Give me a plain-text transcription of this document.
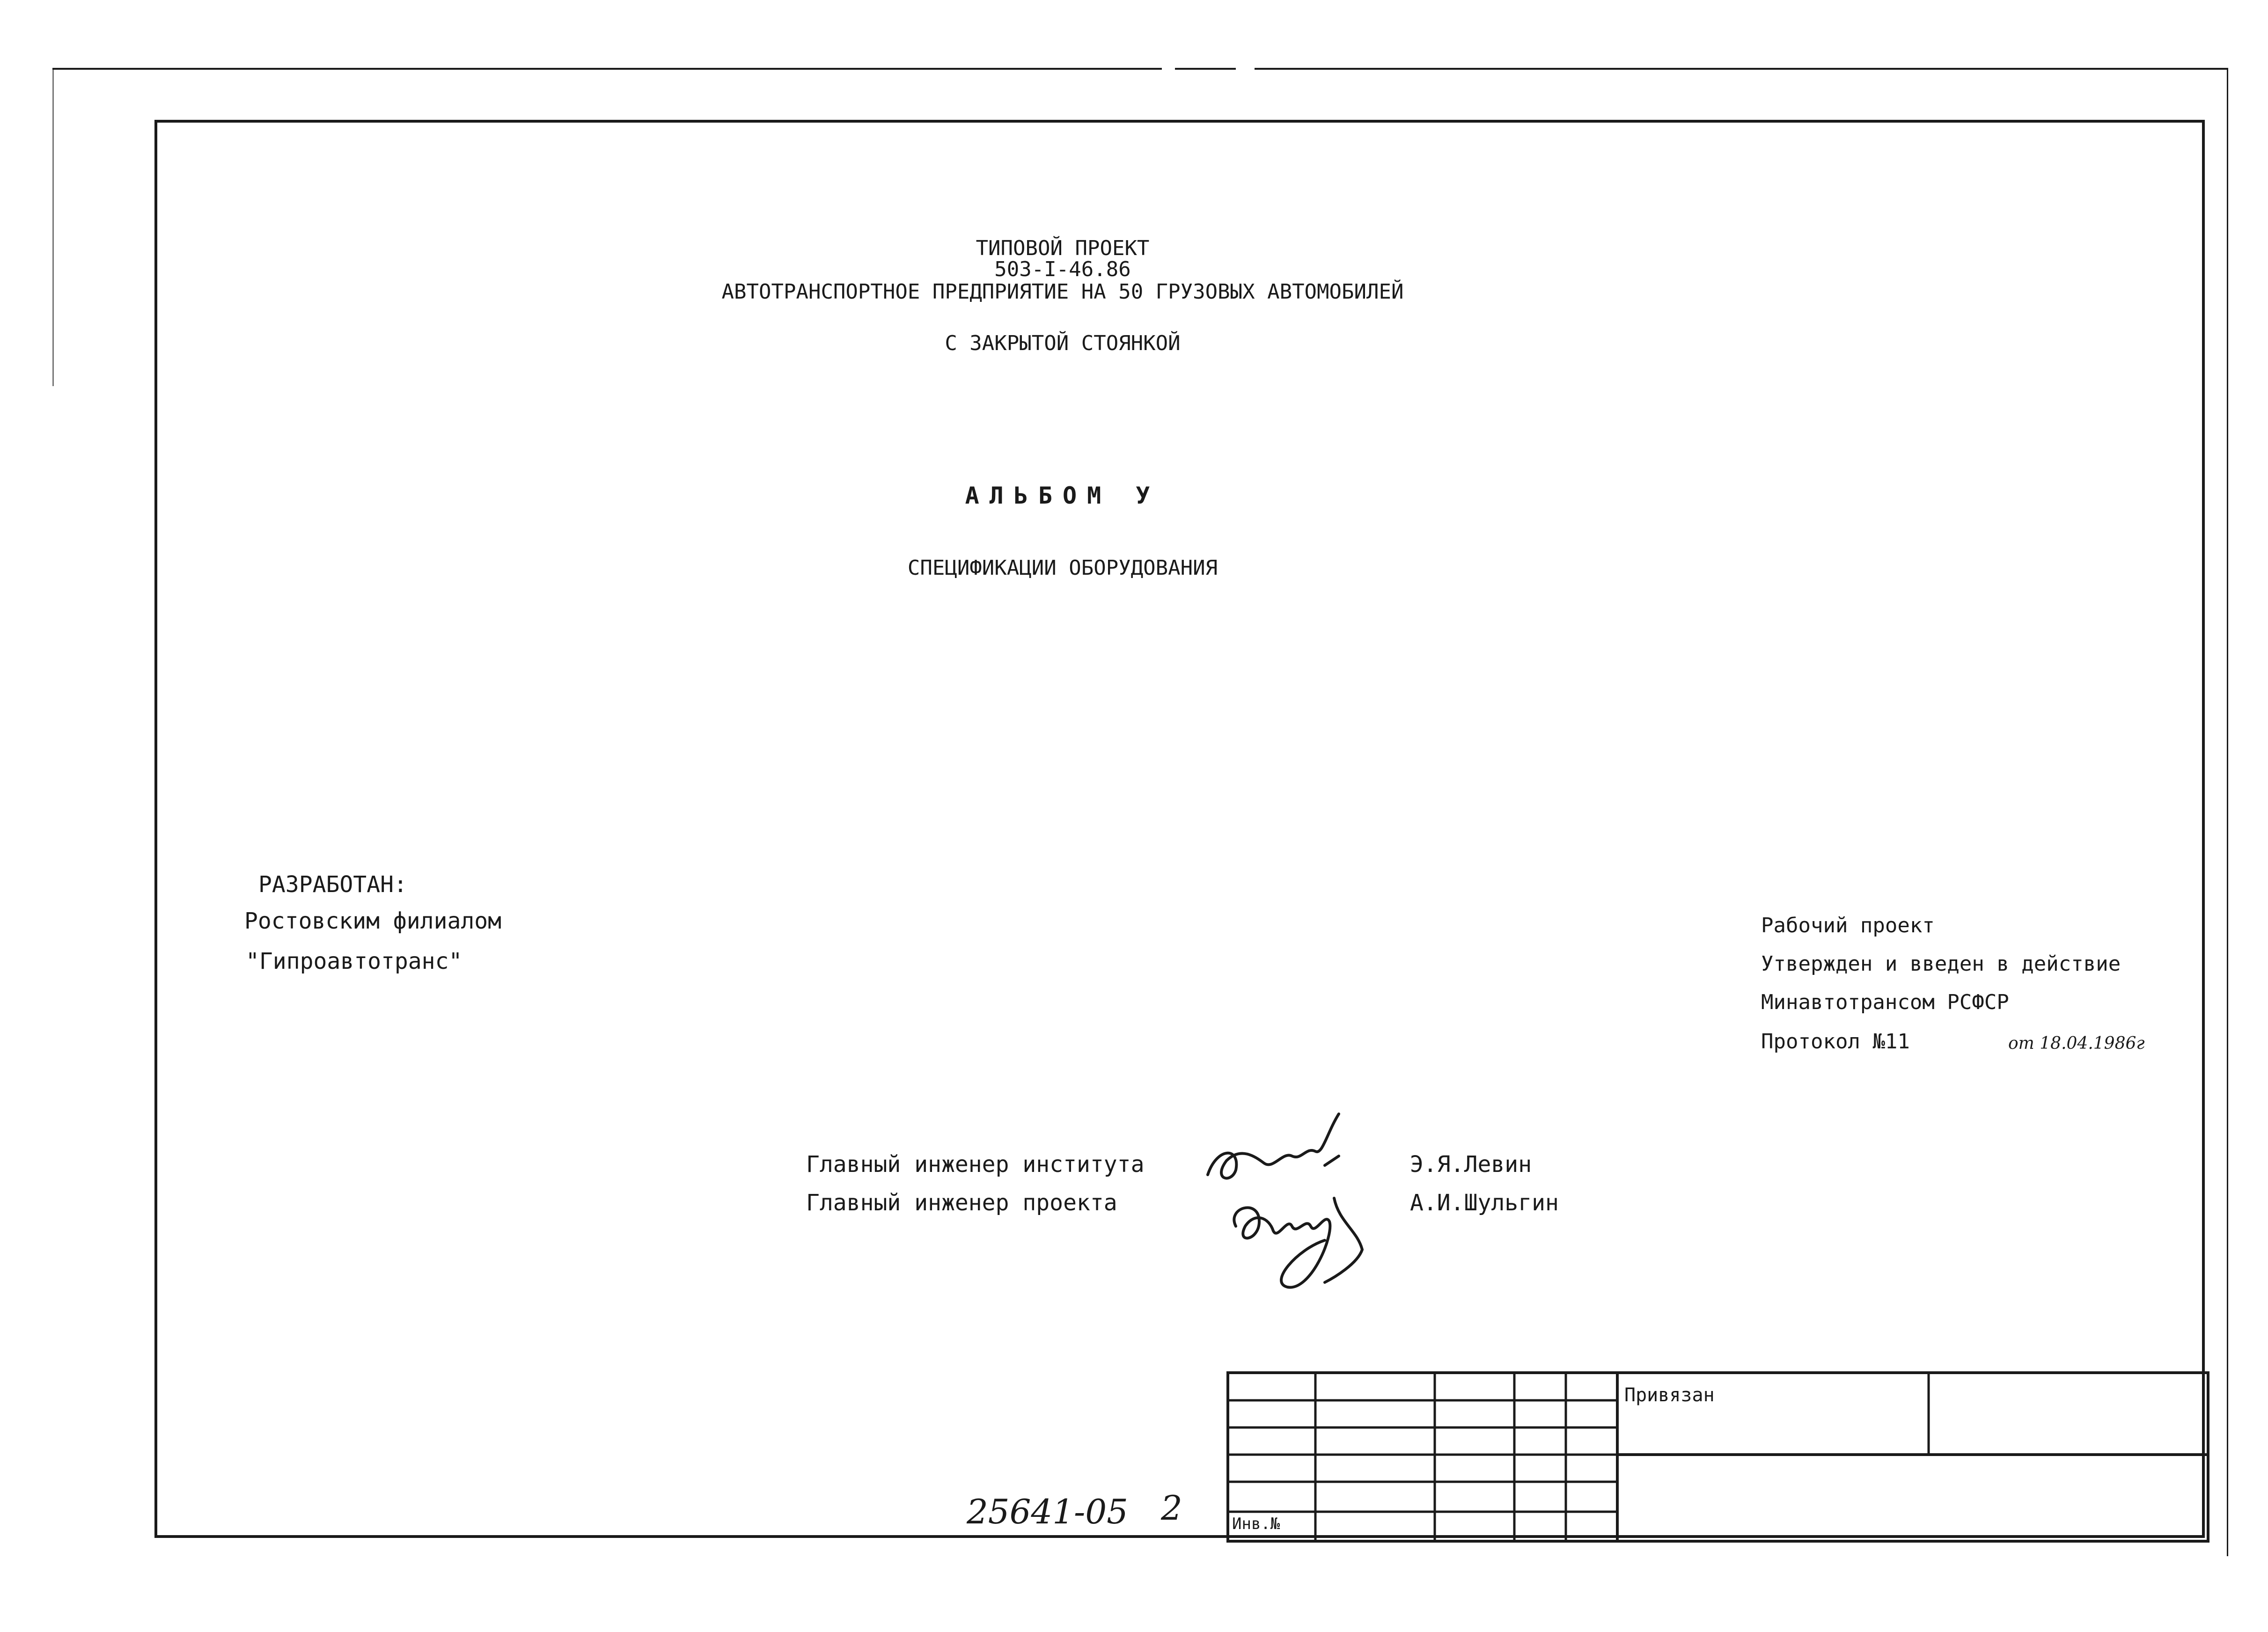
ТИПОВОЙ ПРОЕКТ
503-I-46.86
АВТОТРАНСПОРТНОЕ ПРЕДПРИЯТИЕ НА 50 ГРУЗОВЫХ АВТОМОБИЛЕЙ
С ЗАКРЫТОЙ СТОЯНКОЙ
АЛЬБОМ У
СПЕЦИФИКАЦИИ ОБОРУДОВАНИЯ
РАЗРАБОТАН:
Ростовским филиалом
"Гипроавтотранс"
Рабочий проект
Утвержден и введен в действие
Минавтотрансом РСФСР
Протокол №11	от 18.04.1986г
Главный инженер института
Главный инженер проекта
Э.Я.Левин
А.И.Шульгин
25641-05 2
Привязан
Инв.№
